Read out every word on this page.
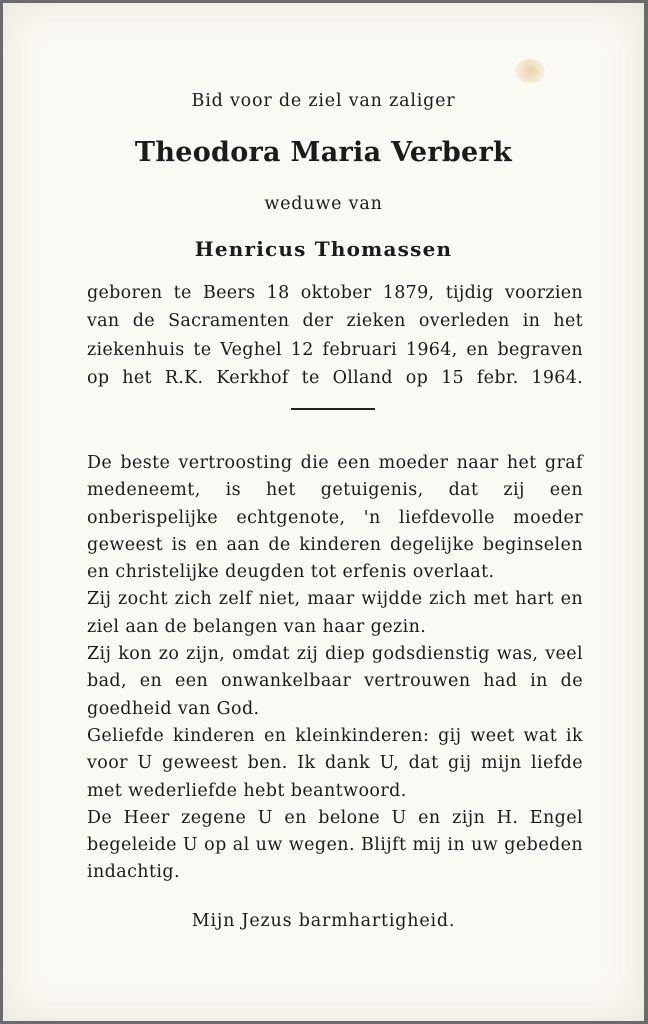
Bid voor de ziel van zaliger
Theodora Maria Verberk
weduwe van
Henricus Thomassen
geboren te Beers 18 oktober 1879, tijdig voorzien van de Sacramenten der zieken overleden in het ziekenhuis te Veghel 12 februari 1964, en begraven op het R.K. Kerkhof te Olland op 15 febr. 1964.

De beste vertroosting die een moeder naar het graf medeneemt, is het getuigenis, dat zij een onberispelijke echtgenote, 'n liefdevolle moeder geweest is en aan de kinderen degelijke beginselen en christelijke deugden tot erfenis overlaat.

Zij zocht zich zelf niet, maar wijdde zich met hart en ziel aan de belangen van haar gezin.

Zij kon zo zijn, omdat zij diep godsdienstig was, veel bad, en een onwankelbaar vertrouwen had in de goedheid van God.

Geliefde kinderen en kleinkinderen: gij weet wat ik voor U geweest ben. Ik dank U, dat gij mijn liefde met wederliefde hebt beantwoord.

De Heer zegene U en belone U en zijn H. Engel begeleide U op al uw wegen. Blijft mij in uw gebeden indachtig.

Mijn Jezus barmhartigheid.
